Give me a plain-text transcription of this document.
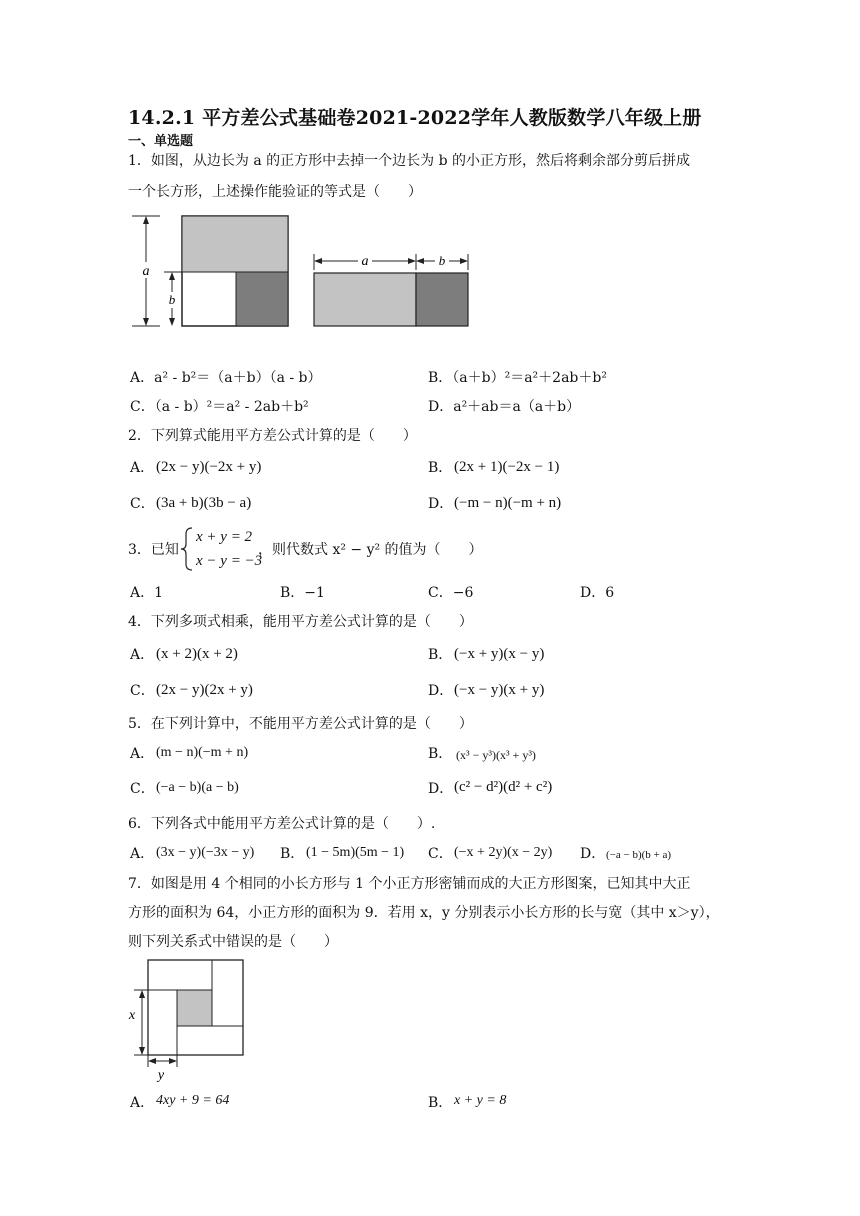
14.2.1 平方差公式基础卷2021-2022学年人教版数学八年级上册
一、单选题
1．如图，从边长为 a 的正方形中去掉一个边长为 b 的小正方形，然后将剩余部分剪后拼成
一个长方形，上述操作能验证的等式是（　　）
a
b
a	b
A．a² - b²＝（a＋b）（a - b）	B．（a＋b）²＝a²＋2ab＋b²
C．（a - b）²＝a² - 2ab＋b²	D．a²＋ab＝a（a＋b）
2．下列算式能用平方差公式计算的是（　　）
A． (2x − y)(−2x + y)	B． (2x + 1)(−2x − 1)
C． (3a + b)(3b − a)	D． (−m − n)(−m + n)
3．已知
x + y = 2
x − y = −3
，则代数式 x² − y² 的值为（　　）
A．1	B．−1	C．−6	D．6
4．下列多项式相乘，能用平方差公式计算的是（　　）
A． (x + 2)(x + 2)	B． (−x + y)(x − y)
C． (2x − y)(2x + y)	D． (−x − y)(x + y)
5．在下列计算中，不能用平方差公式计算的是（　　）
A． (m − n)(−m + n)	B． (x³ − y³)(x³ + y³)
C． (−a − b)(a − b)	D． (c² − d²)(d² + c²)
6．下列各式中能用平方差公式计算的是（　　）.
A． (3x − y)(−3x − y) B． (1 − 5m)(5m − 1) C． (−x + 2y)(x − 2y) D． (−a − b)(b + a)
7．如图是用 4 个相同的小长方形与 1 个小正方形密铺而成的大正方形图案，已知其中大正
方形的面积为 64，小正方形的面积为 9．若用 x，y 分别表示小长方形的长与宽（其中 x＞y），
则下列关系式中错误的是（　　）
x
y
A． 4xy + 9 = 64	B． x + y = 8
